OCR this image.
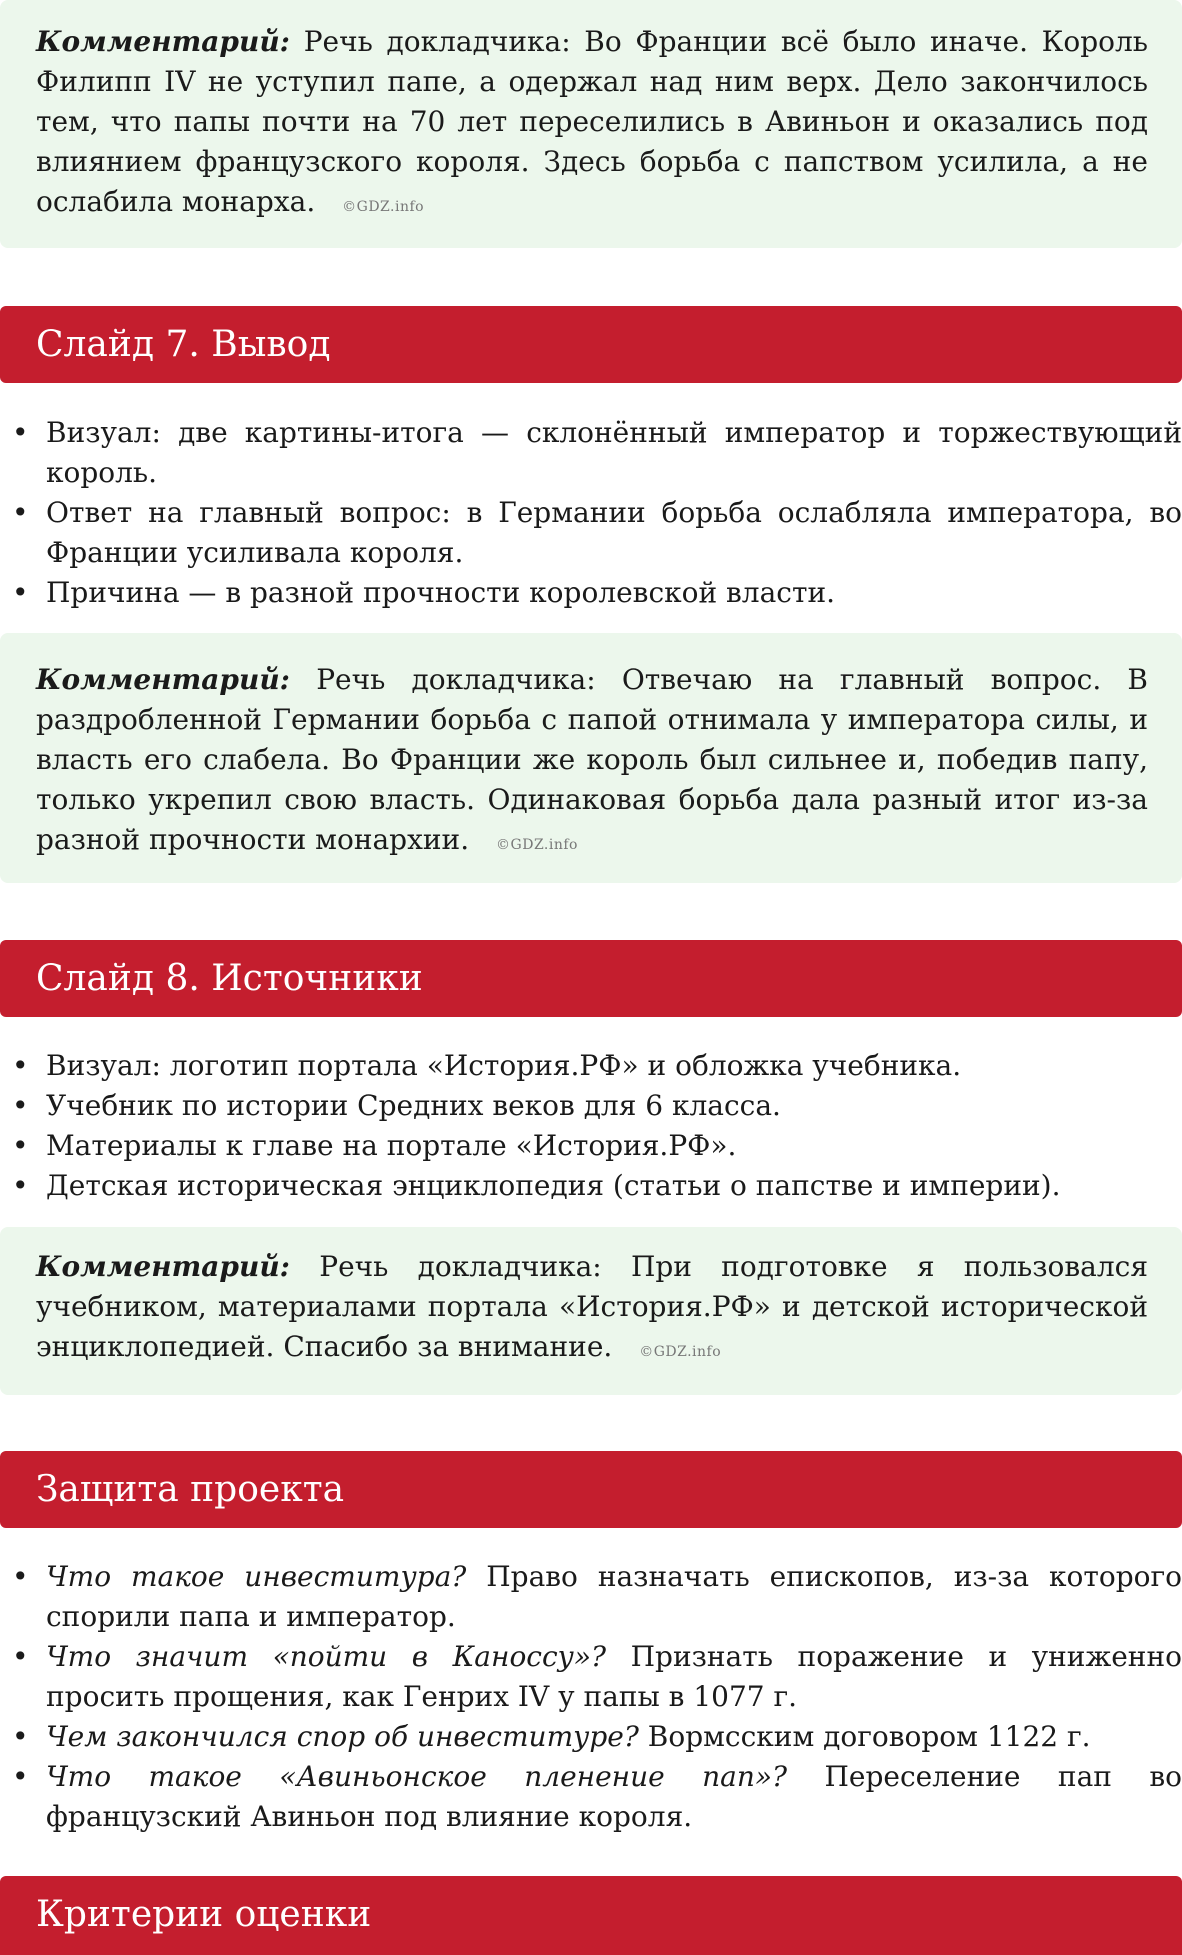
Комментарий: Речь докладчика: Во Франции всё было иначе. Король Филипп IV не уступил папе, а одержал над ним верх. Дело закончилось тем, что папы почти на 70 лет переселились в Авиньон и оказались под влиянием французского короля. Здесь борьба с папством усилила, а не ослабила монарха. ©GDZ.info
Слайд 7. Вывод
• Визуал: две картины-итога — склонённый император и торжествующий король.
• Ответ на главный вопрос: в Германии борьба ослабляла императора, во Франции усиливала короля.
• Причина — в разной прочности королевской власти.
Комментарий: Речь докладчика: Отвечаю на главный вопрос. В раздробленной Германии борьба с папой отнимала у императора силы, и власть его слабела. Во Франции же король был сильнее и, победив папу, только укрепил свою власть. Одинаковая борьба дала разный итог из-за разной прочности монархии. ©GDZ.info
Слайд 8. Источники
• Визуал: логотип портала «История.РФ» и обложка учебника.
• Учебник по истории Средних веков для 6 класса.
• Материалы к главе на портале «История.РФ».
• Детская историческая энциклопедия (статьи о папстве и империи).
Комментарий: Речь докладчика: При подготовке я пользовался учебником, материалами портала «История.РФ» и детской исторической энциклопедией. Спасибо за внимание. ©GDZ.info
Защита проекта
• Что такое инвеститура? Право назначать епископов, из-за которого спорили папа и император.
• Что значит «пойти в Каноссу»? Признать поражение и униженно просить прощения, как Генрих IV у папы в 1077 г.
• Чем закончился спор об инвеституре? Вормсским договором 1122 г.
• Что такое «Авиньонское пленение пап»? Переселение пап во французский Авиньон под влияние короля.
Критерии оценки
